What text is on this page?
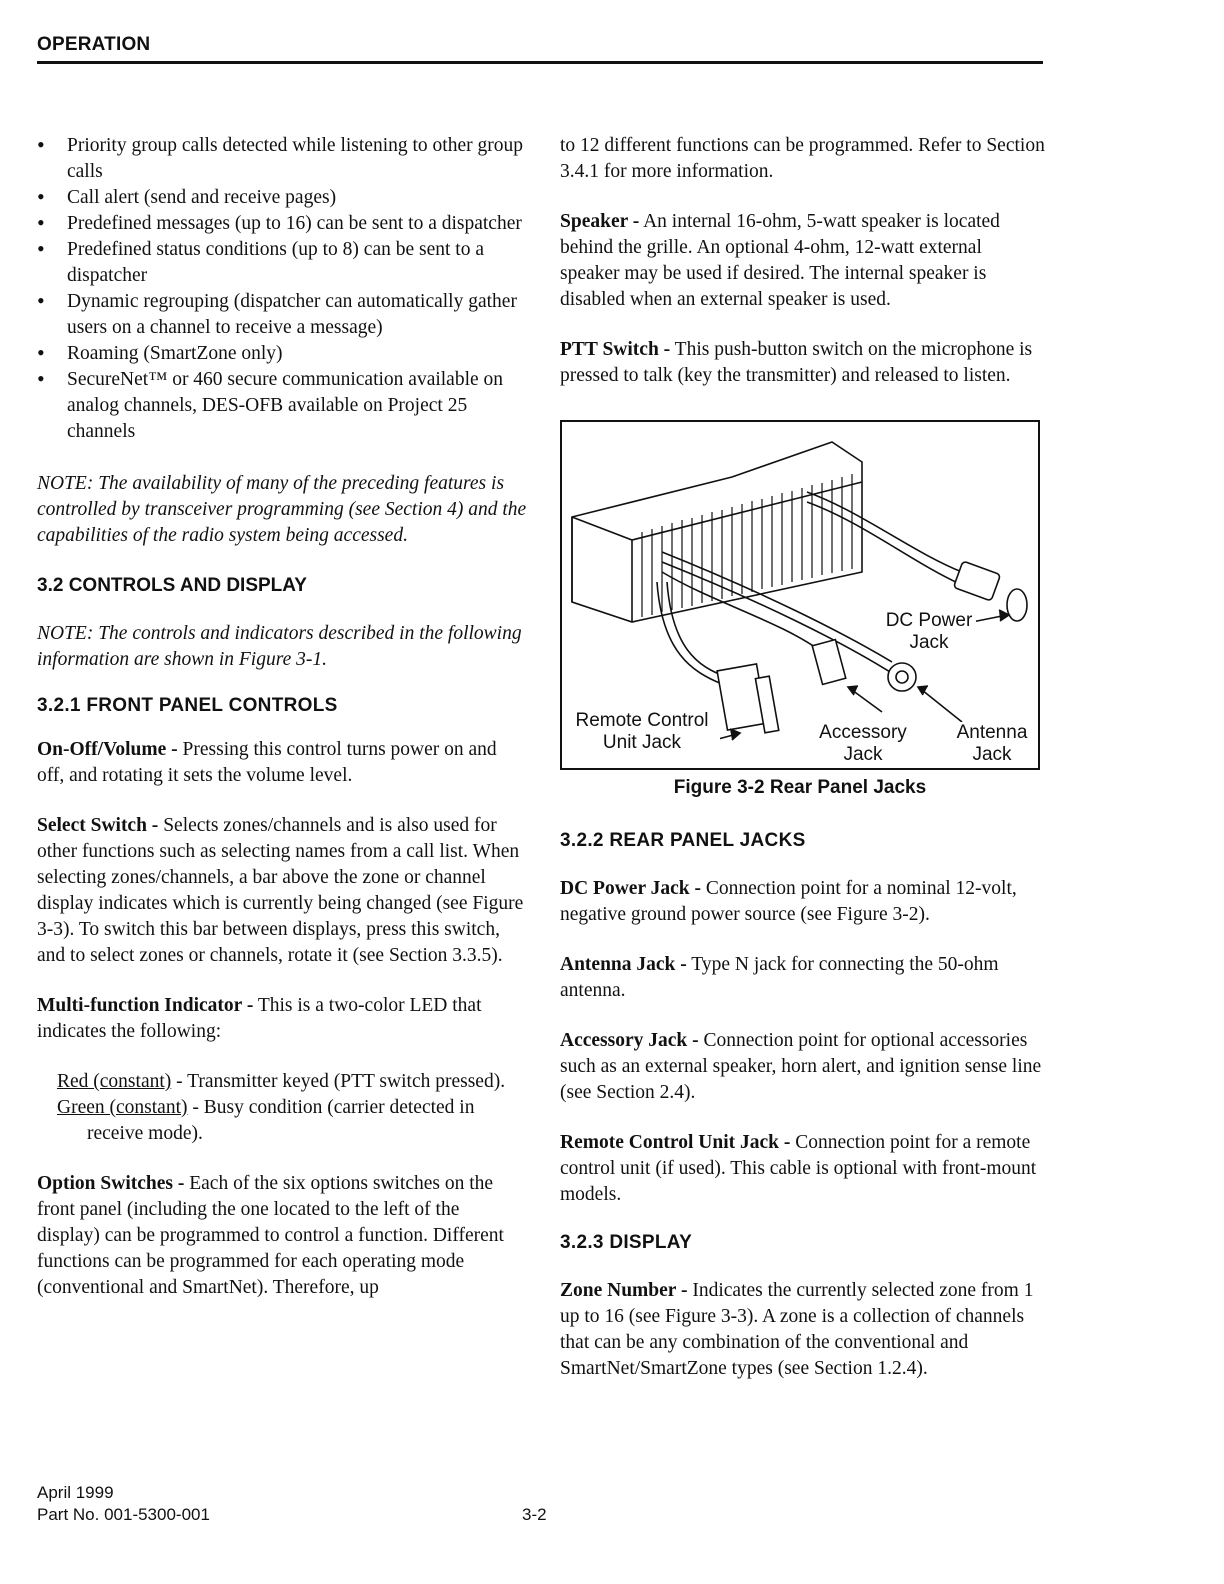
OPERATION
• Priority group calls detected while listening to other group calls
• Call alert (send and receive pages)
• Predefined messages (up to 16) can be sent to a dispatcher
• Predefined status conditions (up to 8) can be sent to a dispatcher
• Dynamic regrouping (dispatcher can automatically gather users on a channel to receive a message)
• Roaming (SmartZone only)
• SecureNet™ or 460 secure communication available on analog channels, DES-OFB available on Project 25 channels

NOTE: The availability of many of the preceding features is controlled by transceiver programming (see Section 4) and the capabilities of the radio system being accessed.

3.2 CONTROLS AND DISPLAY

NOTE: The controls and indicators described in the following information are shown in Figure 3-1.

3.2.1 FRONT PANEL CONTROLS

On-Off/Volume - Pressing this control turns power on and off, and rotating it sets the volume level.

Select Switch - Selects zones/channels and is also used for other functions such as selecting names from a call list. When selecting zones/channels, a bar above the zone or channel display indicates which is currently being changed (see Figure 3-3). To switch this bar between displays, press this switch, and to select zones or channels, rotate it (see Section 3.3.5).

Multi-function Indicator - This is a two-color LED that indicates the following:

Red (constant) - Transmitter keyed (PTT switch pressed).

Green (constant) - Busy condition (carrier detected in receive mode).

Option Switches - Each of the six options switches on the front panel (including the one located to the left of the display) can be programmed to control a function. Different functions can be programmed for each operating mode (conventional and SmartNet). Therefore, up

to 12 different functions can be programmed. Refer to Section 3.4.1 for more information.

Speaker - An internal 16-ohm, 5-watt speaker is located behind the grille. An optional 4-ohm, 12-watt external speaker may be used if desired. The internal speaker is disabled when an external speaker is used.

PTT Switch - This push-button switch on the microphone is pressed to talk (key the transmitter) and released to listen.

DC Power
Jack
Remote Control
Unit Jack	Accessory
Jack
Antenna
Jack
Figure 3-2 Rear Panel Jacks
3.2.2 REAR PANEL JACKS

DC Power Jack - Connection point for a nominal 12-volt, negative ground power source (see Figure 3-2).

Antenna Jack - Type N jack for connecting the 50-ohm antenna.

Accessory Jack - Connection point for optional accessories such as an external speaker, horn alert, and ignition sense line (see Section 2.4).

Remote Control Unit Jack - Connection point for a remote control unit (if used). This cable is optional with front-mount models.

3.2.3 DISPLAY

Zone Number - Indicates the currently selected zone from 1 up to 16 (see Figure 3-3). A zone is a collection of channels that can be any combination of the conventional and SmartNet/SmartZone types (see Section 1.2.4).

April 1999
Part No. 001-5300-001	3-2
